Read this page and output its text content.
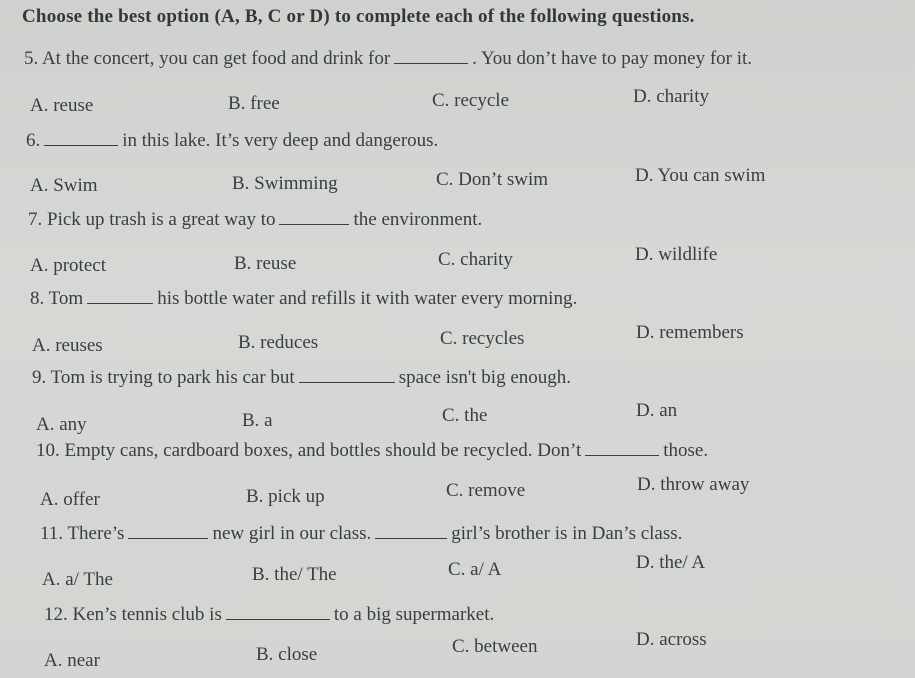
Choose the best option (A, B, C or D) to complete each of the following questions.
5. At the concert, you can get food and drink for	. You don’t have to pay money for it.
A. reuse	B. free	C. recycle	D. charity
6.	in this lake. It’s very deep and dangerous.
A. Swim	B. Swimming	C. Don’t swim	D. You can swim
7. Pick up trash is a great way to	the environment.
A. protect	B. reuse	C. charity	D. wildlife
8. Tom	his bottle water and refills it with water every morning.
A. reuses	B. reduces	C. recycles	D. remembers
9. Tom is trying to park his car but	space isn't big enough.
A. any	B. a	C. the	D. an
10. Empty cans, cardboard boxes, and bottles should be recycled. Don’t	those.
A. offer	B. pick up	C. remove	D. throw away
11. There’s	new girl in our class.	girl’s brother is in Dan’s class.
A. a/ The	B. the/ The	C. a/ A	D. the/ A
12. Ken’s tennis club is	to a big supermarket.
A. near	B. close	C. between	D. across
